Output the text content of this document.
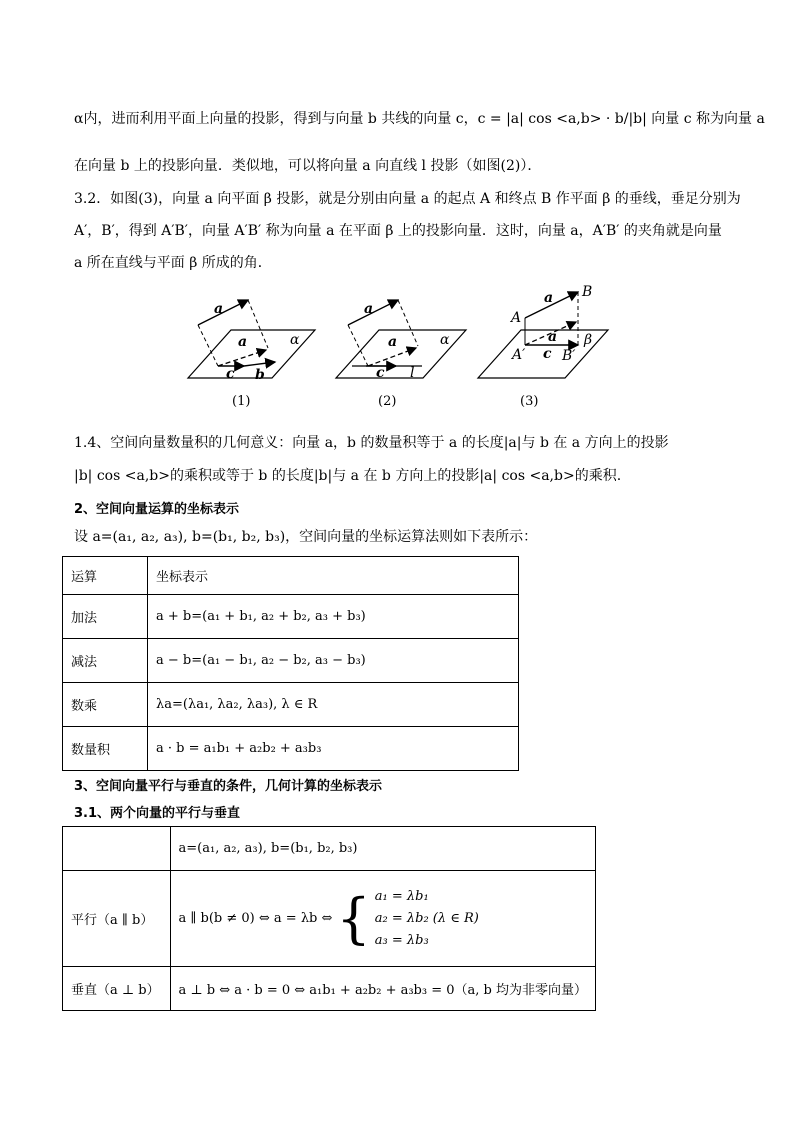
α内，进而利用平面上向量的投影，得到与向量 b 共线的向量 c，c = |a| cos <a,b> · b/|b| 向量 c 称为向量 a
在向量 b 上的投影向量．类似地，可以将向量 a 向直线 l 投影（如图(2)）．
3.2．如图(3)，向量 a 向平面 β 投影，就是分别由向量 a 的起点 A 和终点 B 作平面 β 的垂线，垂足分别为
A′，B′，得到 A′B′，向量 A′B′ 称为向量 a 在平面 β 上的投影向量．这时，向量 a，A′B′ 的夹角就是向量
a 所在直线与平面 β 所成的角．
a
a
c b
α
a
a
c l
α
A
B
a
a
c
A′	B′
β
(1)	(2)	(3)
1.4、空间向量数量积的几何意义：向量 a，b 的数量积等于 a 的长度|a|与 b 在 a 方向上的投影
|b| cos <a,b>的乘积或等于 b 的长度|b|与 a 在 b 方向上的投影|a| cos <a,b>的乘积.
2、空间向量运算的坐标表示
设 a=(a₁, a₂, a₃), b=(b₁, b₂, b₃)，空间向量的坐标运算法则如下表所示：
运算	坐标表示
加法	a + b=(a₁ + b₁, a₂ + b₂, a₃ + b₃)
减法	a − b=(a₁ − b₁, a₂ − b₂, a₃ − b₃)
数乘	λa=(λa₁, λa₂, λa₃), λ ∈ R
数量积	a · b = a₁b₁ + a₂b₂ + a₃b₃
3、空间向量平行与垂直的条件，几何计算的坐标表示
3.1、两个向量的平行与垂直
	a=(a₁, a₂, a₃), b=(b₁, b₂, b₃)
平行（a ∥ b）	a ∥ b(b ≠ 0) ⇔ a = λb ⇔ { a₁ = λb₁
a₂ = λb₂ (λ ∈ R)
a₃ = λb₃

垂直（a ⊥ b）	a ⊥ b ⇔ a · b = 0 ⇔ a₁b₁ + a₂b₂ + a₃b₃ = 0（a, b 均为非零向量）
